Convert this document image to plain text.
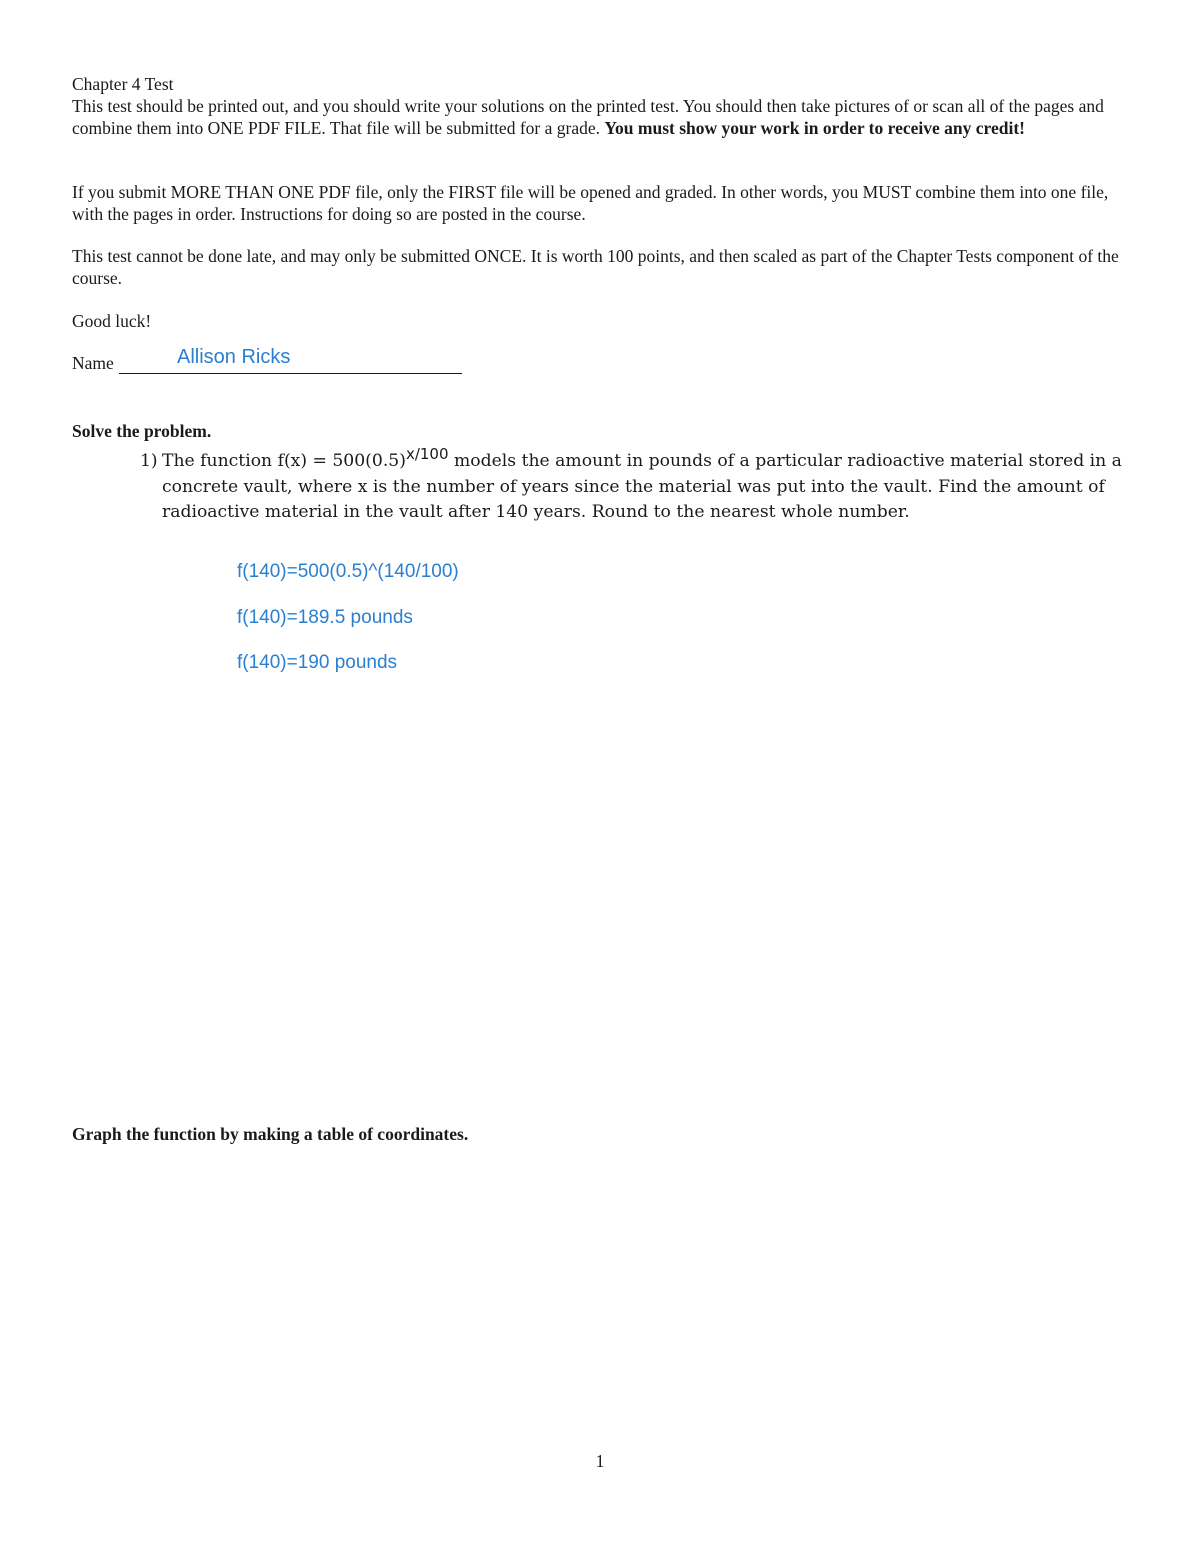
Chapter 4 Test

This test should be printed out, and you should write your solutions on the printed test. You should then take pictures of or scan all of the pages and combine them into ONE PDF FILE. That file will be submitted for a grade. You must show your work in order to receive any credit!

If you submit MORE THAN ONE PDF file, only the FIRST file will be opened and graded. In other words, you MUST combine them into one file, with the pages in order. Instructions for doing so are posted in the course.

This test cannot be done late, and may only be submitted ONCE. It is worth 100 points, and then scaled as part of the Chapter Tests component of the course.

Good luck!

Name	Allison Ricks

Solve the problem.

1) The function f(x) = 500(0.5)x/100 models the amount in pounds of a particular radioactive material stored in a concrete vault, where x is the number of years since the material was put into the vault. Find the amount of radioactive material in the vault after 140 years. Round to the nearest whole number.
f(140)=500(0.5)^(140/100)
f(140)=189.5 pounds
f(140)=190 pounds

Graph the function by making a table of coordinates.

1
